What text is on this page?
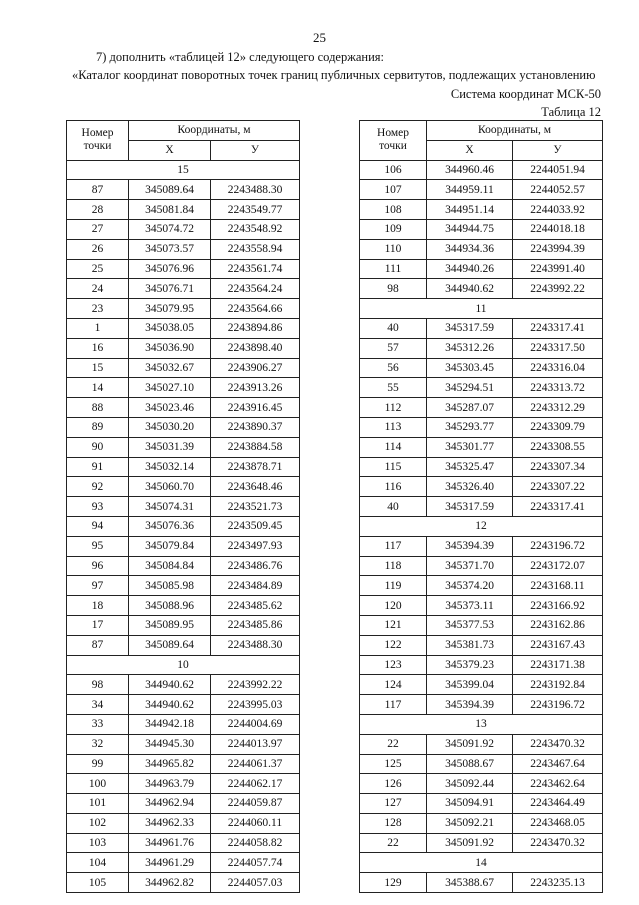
25
7) дополнить «таблицей 12» следующего содержания:
«Каталог координат поворотных точек границ публичных сервитутов, подлежащих установлению
Система координат МСК-50
Таблица 12
Номер
точки	Координаты, м	
	X	У
15		
87	345089.64	2243488.30
28	345081.84	2243549.77
27	345074.72	2243548.92
26	345073.57	2243558.94
25	345076.96	2243561.74
24	345076.71	2243564.24
23	345079.95	2243564.66
1	345038.05	2243894.86
16	345036.90	2243898.40
15	345032.67	2243906.27
14	345027.10	2243913.26
88	345023.46	2243916.45
89	345030.20	2243890.37
90	345031.39	2243884.58
91	345032.14	2243878.71
92	345060.70	2243648.46
93	345074.31	2243521.73
94	345076.36	2243509.45
95	345079.84	2243497.93
96	345084.84	2243486.76
97	345085.98	2243484.89
18	345088.96	2243485.62
17	345089.95	2243485.86
87	345089.64	2243488.30
10		
98	344940.62	2243992.22
34	344940.62	2243995.03
33	344942.18	2244004.69
32	344945.30	2244013.97
99	344965.82	2244061.37
100	344963.79	2244062.17
101	344962.94	2244059.87
102	344962.33	2244060.11
103	344961.76	2244058.82
104	344961.29	2244057.74
105	344962.82	2244057.03
Номер
точки	Координаты, м	
	X	У
106	344960.46	2244051.94
107	344959.11	2244052.57
108	344951.14	2244033.92
109	344944.75	2244018.18
110	344934.36	2243994.39
111	344940.26	2243991.40
98	344940.62	2243992.22
11		
40	345317.59	2243317.41
57	345312.26	2243317.50
56	345303.45	2243316.04
55	345294.51	2243313.72
112	345287.07	2243312.29
113	345293.77	2243309.79
114	345301.77	2243308.55
115	345325.47	2243307.34
116	345326.40	2243307.22
40	345317.59	2243317.41
12		
117	345394.39	2243196.72
118	345371.70	2243172.07
119	345374.20	2243168.11
120	345373.11	2243166.92
121	345377.53	2243162.86
122	345381.73	2243167.43
123	345379.23	2243171.38
124	345399.04	2243192.84
117	345394.39	2243196.72
13		
22	345091.92	2243470.32
125	345088.67	2243467.64
126	345092.44	2243462.64
127	345094.91	2243464.49
128	345092.21	2243468.05
22	345091.92	2243470.32
14		
129	345388.67	2243235.13
